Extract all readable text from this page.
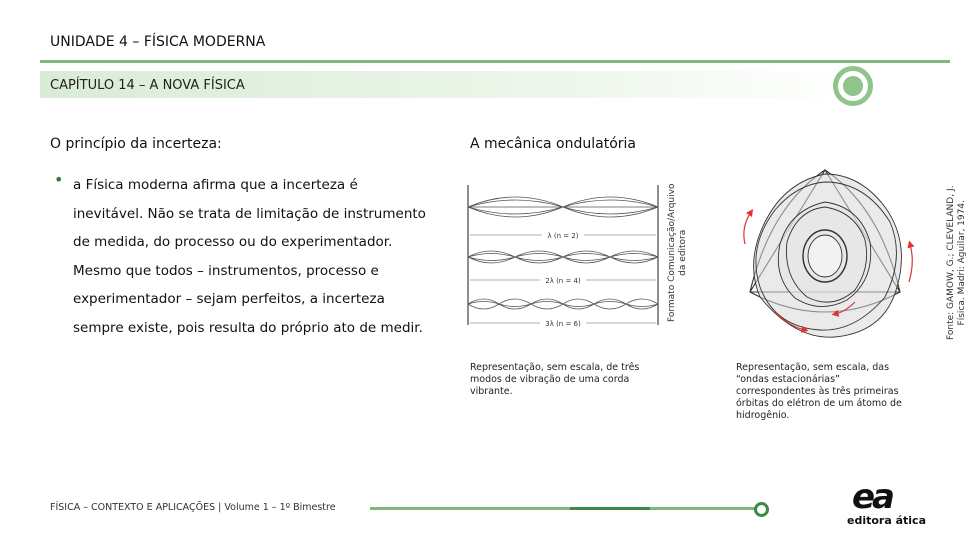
UNIDADE 4 – FÍSICA MODERNA
CAPÍTULO 14 – A NOVA FÍSICA
O princípio da incerteza:
• a Física moderna afirma que a incerteza é inevitável. Não se trata de limitação de instrumento de medida, do processo ou do experimentador. Mesmo que todos – instrumentos, processo e experimentador – sejam perfeitos, a incerteza sempre existe, pois resulta do próprio ato de medir.
A mecânica ondulatória
λ (n = 2)
2λ (n = 4)
3λ (n = 6)
Formato Comunicação/Arquivo da editora
Representação, sem escala, de três modos de vibração de uma corda vibrante.
Fonte: GAMOW, G.; CLEVELAND, J. Física. Madri: Aguilar, 1974.
Representação, sem escala, das “ondas estacionárias” correspondentes às três primeiras órbitas do elétron de um átomo de hidrogênio.
FÍSICA – CONTEXTO E APLICAÇÕES | Volume 1 – 1º Bimestre	ea
editora ática
